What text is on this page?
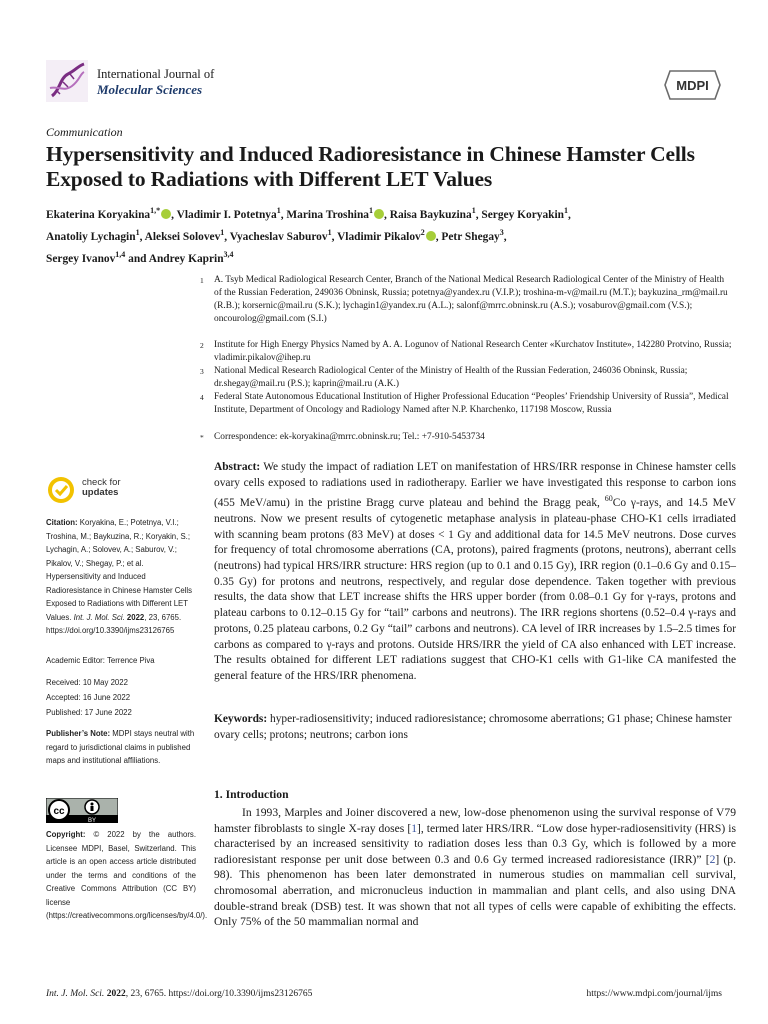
International Journal of
Molecular Sciences	MDPI
Communication
Hypersensitivity and Induced Radioresistance in Chinese Hamster Cells Exposed to Radiations with Different LET Values
Ekaterina Koryakina$^{1,*}$ , Vladimir I. Potetnya$^1$, Marina Troshina$^1$ , Raisa Baykuzina$^1$, Sergey Koryakin$^1$,
Anatoliy Lychagin$^1$, Aleksei Solovev$^1$, Vyacheslav Saburov$^1$, Vladimir Pikalov$^2$ , Petr Shegay$^3$,
Sergey Ivanov$^{1,4}$ and Andrey Kaprin$^{3,4}$
1 A. Tsyb Medical Radiological Research Center, Branch of the National Medical Research Radiological Center of the Ministry of Health of the Russian Federation, 249036 Obninsk, Russia; potetnya@yandex.ru (V.I.P.); troshina-m-v@mail.ru (M.T.); baykuzina_rm@mail.ru (R.B.); korsernic@mail.ru (S.K.); lychagin1@yandex.ru (A.L.); salonf@mrrc.obninsk.ru (A.S.); vosaburov@gmail.com (V.S.); oncourolog@gmail.com (S.I.)
2 Institute for High Energy Physics Named by A. A. Logunov of National Research Center «Kurchatov Institute», 142280 Protvino, Russia; vladimir.pikalov@ihep.ru
3 National Medical Research Radiological Center of the Ministry of Health of the Russian Federation, 246036 Obninsk, Russia; dr.shegay@mail.ru (P.S.); kaprin@mail.ru (A.K.)
4 Federal State Autonomous Educational Institution of Higher Professional Education “Peoples’ Friendship University of Russia”, Medical Institute, Department of Oncology and Radiology Named after N.P. Kharchenko, 117198 Moscow, Russia
* Correspondence: ek-koryakina@mrrc.obninsk.ru; Tel.: +7-910-5453734
check for
updates
Citation: Koryakina, E.; Potetnya, V.I.; Troshina, M.; Baykuzina, R.; Koryakin, S.; Lychagin, A.; Solovev, A.; Saburov, V.; Pikalov, V.; Shegay, P.; et al. Hypersensitivity and Induced Radioresistance in Chinese Hamster Cells Exposed to Radiations with Different LET Values. Int. J. Mol. Sci. 2022, 23, 6765. https://doi.org/10.3390/ijms23126765
Academic Editor: Terrence Piva
Received: 10 May 2022
Accepted: 16 June 2022
Published: 17 June 2022
Publisher’s Note: MDPI stays neutral with regard to jurisdictional claims in published maps and institutional affiliations.
cc
BY
Copyright: © 2022 by the authors. Licensee MDPI, Basel, Switzerland. This article is an open access article distributed under the terms and conditions of the Creative Commons Attribution (CC BY) license (https://creativecommons.org/licenses/by/4.0/).
Abstract: We study the impact of radiation LET on manifestation of HRS/IRR response in Chinese hamster cells ovary cells exposed to radiations used in radiotherapy. Earlier we have investigated this response to carbon ions (455 MeV/amu) in the pristine Bragg curve plateau and behind the Bragg peak, $^{60}$Co γ-rays, and 14.5 MeV neutrons. Now we present results of cytogenetic metaphase analysis in plateau-phase CHO-K1 cells irradiated with scanning beam protons (83 MeV) at doses < 1 Gy and additional data for 14.5 MeV neutrons. Dose curves for frequency of total chromosome aberrations (CA, protons), paired fragments (protons, neutrons), aberrant cells (neutrons) had typical HRS/IRR structure: HRS region (up to 0.1 and 0.15 Gy), IRR region (0.1–0.6 Gy and 0.15–0.35 Gy) for protons and neutrons, respectively, and regular dose dependence. Taken together with previous results, the data show that LET increase shifts the HRS upper border (from 0.08–0.1 Gy for γ-rays, protons and plateau carbons to 0.12–0.15 Gy for “tail” carbons and neutrons). The IRR regions shortens (0.52–0.4 γ-rays and protons, 0.25 plateau carbons, 0.2 Gy “tail” carbons and neutrons). CA level of IRR increases by 1.5–2.5 times for carbons as compared to γ-rays and protons. Outside HRS/IRR the yield of CA also enhanced with LET increase. The results obtained for different LET radiations suggest that CHO-K1 cells with G1-like CA manifested the general feature of the HRS/IRR phenomena.
Keywords: hyper-radiosensitivity; induced radioresistance; chromosome aberrations; G1 phase; Chinese hamster ovary cells; protons; neutrons; carbon ions
1. Introduction
In 1993, Marples and Joiner discovered a new, low-dose phenomenon using the survival response of V79 hamster fibroblasts to single X-ray doses [1], termed later HRS/IRR. “Low dose hyper-radiosensitivity (HRS) is characterised by an increased sensitivity to radiation doses less than 0.3 Gy, which is followed by a more radioresistant response per unit dose between 0.3 and 0.6 Gy termed increased radioresistance (IRR)” [2] (p. 98). This phenomenon has been later demonstrated in numerous studies on mammalian cell survival, chromosomal aberration, and micronucleus induction in mammalian and plant cells, and also using DNA double-strand break (DSB) test. It was shown that not all types of cells were capable of exhibiting the effects. Only 75% of the 50 mammalian normal and
Int. J. Mol. Sci. 2022, 23, 6765. https://doi.org/10.3390/ijms23126765	https://www.mdpi.com/journal/ijms
